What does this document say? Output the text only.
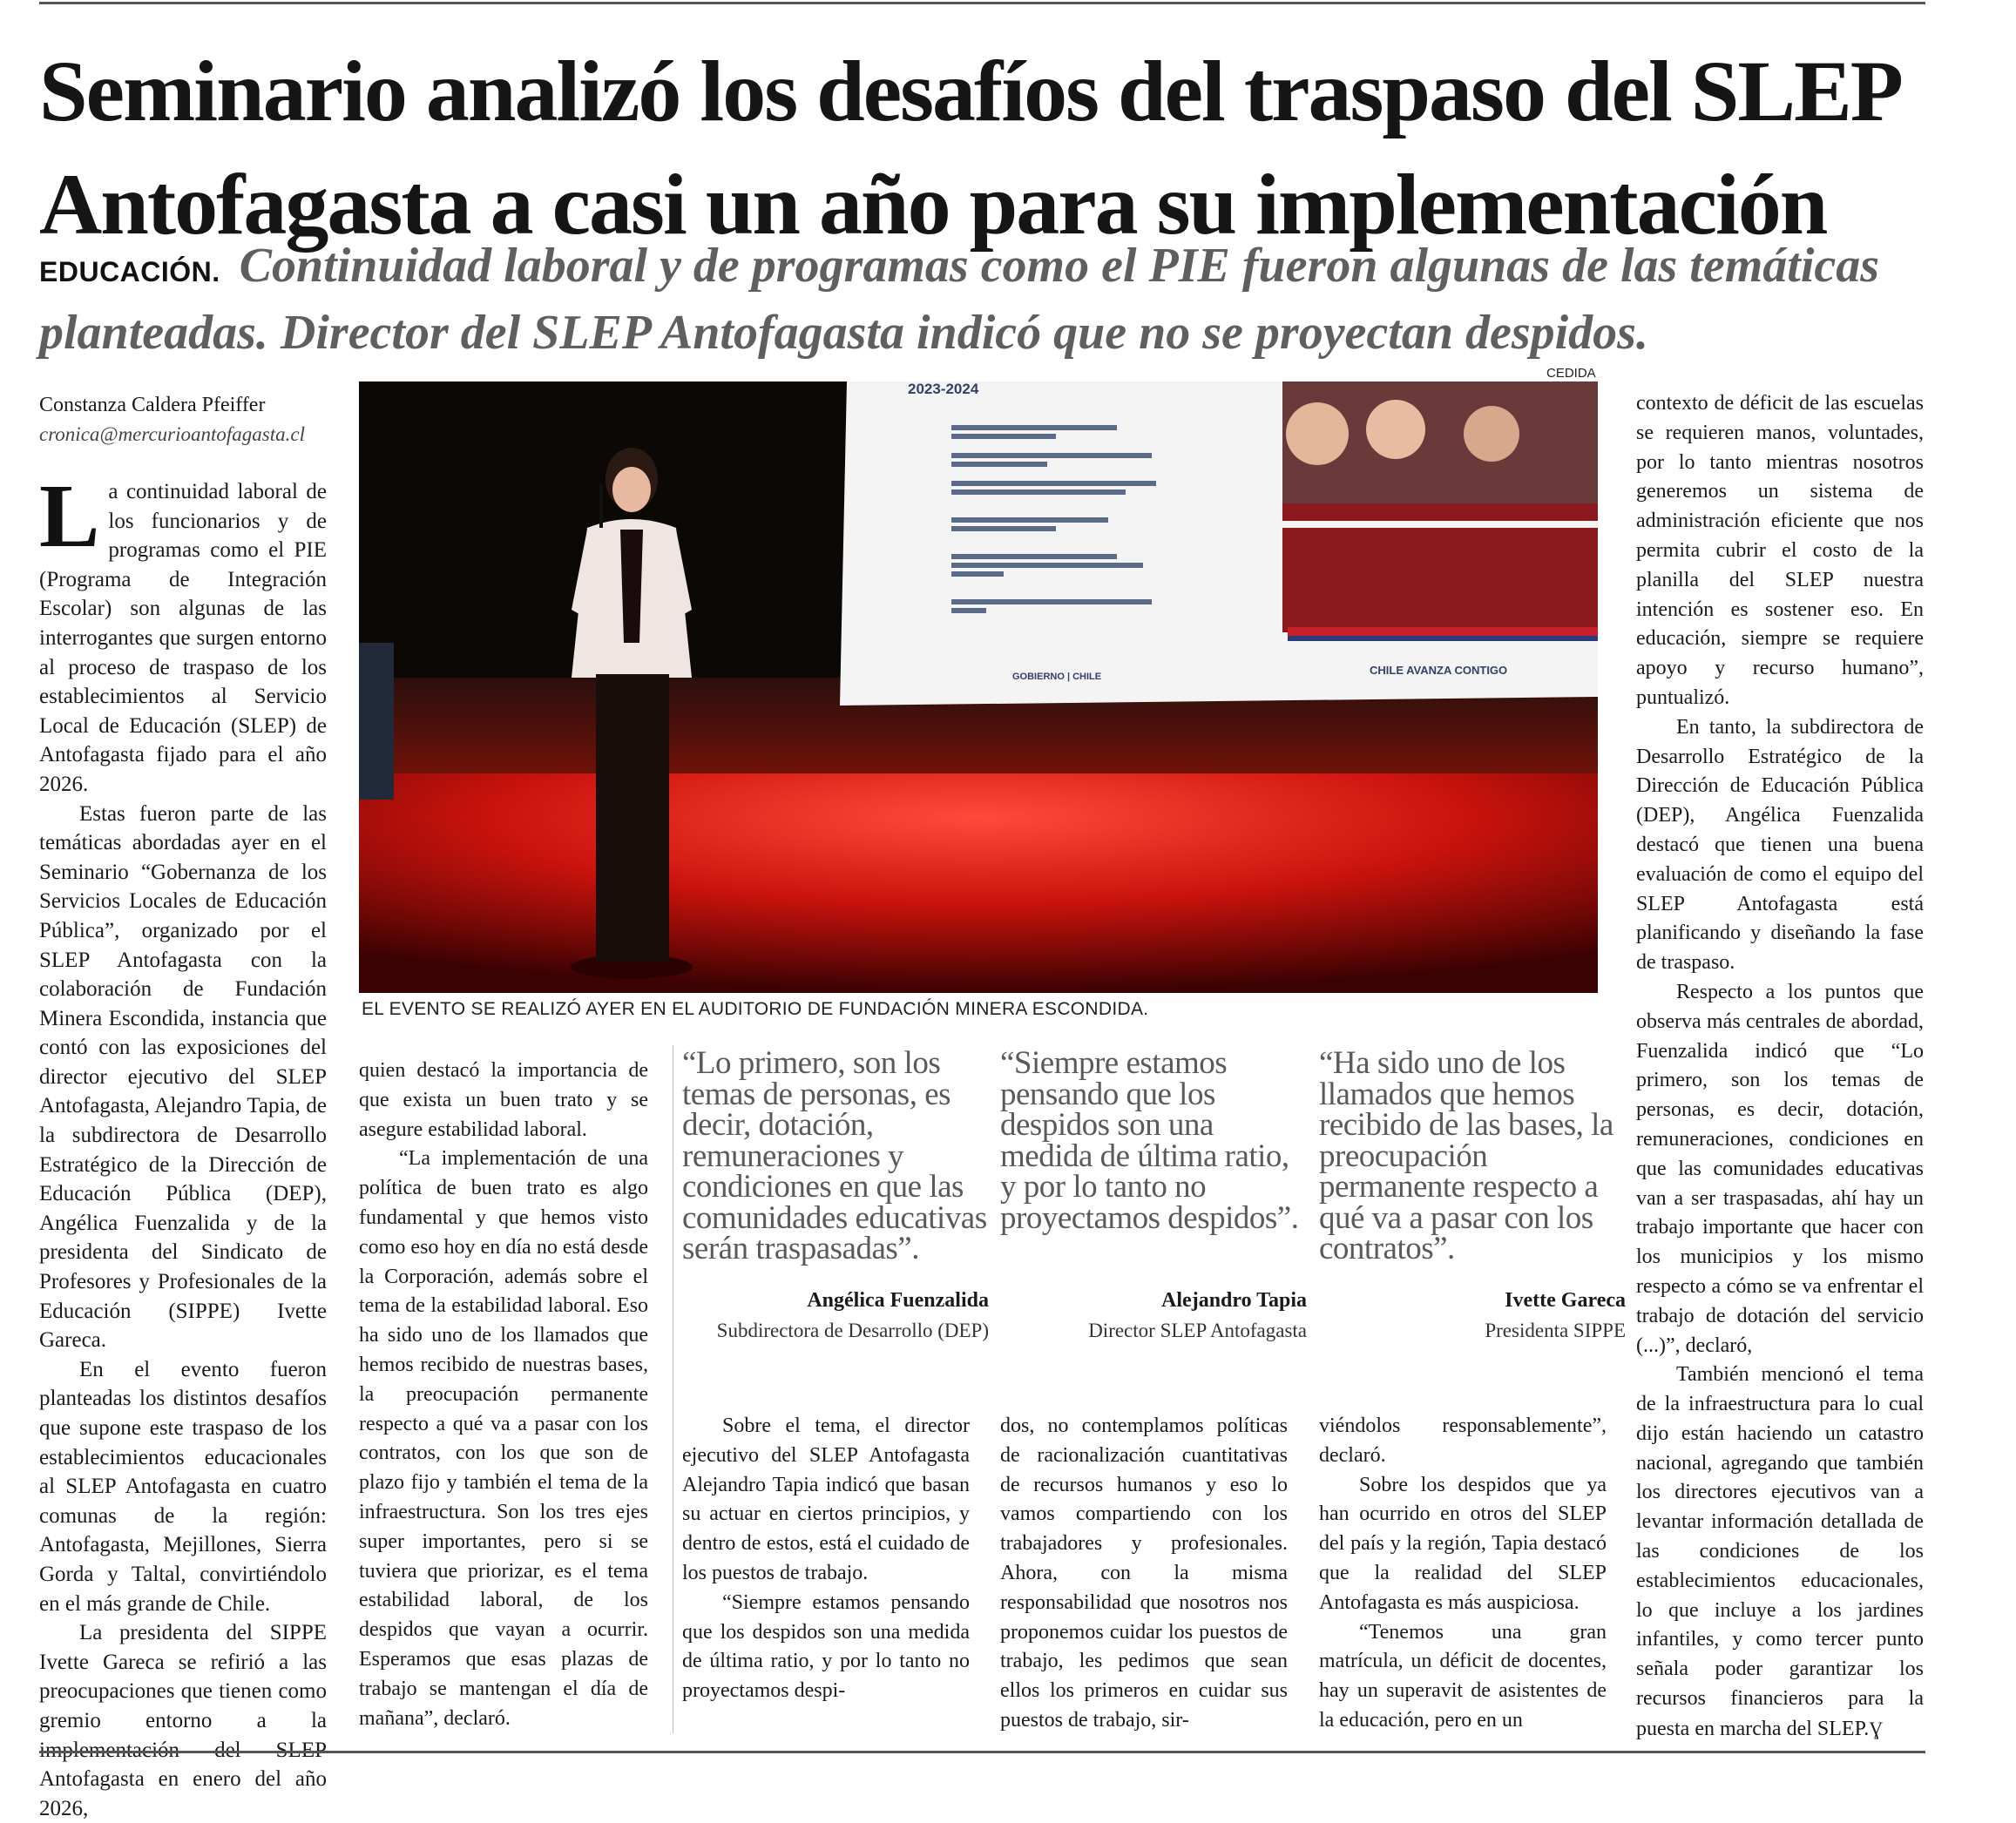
Seminario analizó los desafíos del traspaso del SLEP
Antofagasta a casi un año para su implementación
EDUCACIÓN. Continuidad laboral y de programas como el PIE fueron algunas de las temáticas planteadas. Director del SLEP Antofagasta indicó que no se proyectan despidos.
Constanza Caldera Pfeiffer
cronica@mercurioantofagasta.cl

La continuidad laboral de los funcionarios y de programas como el PIE (Programa de Integración Escolar) son algunas de las interrogantes que surgen entorno al proceso de traspaso de los establecimientos al Servicio Local de Educación (SLEP) de Antofagasta fijado para el año 2026.

Estas fueron parte de las temáticas abordadas ayer en el Seminario “Gobernanza de los Servicios Locales de Educación Pública”, organizado por el SLEP Antofagasta con la colaboración de Fundación Minera Escondida, instancia que contó con las exposiciones del director ejecutivo del SLEP Antofagasta, Alejandro Tapia, de la subdirectora de Desarrollo Estratégico de la Dirección de Educación Pública (DEP), Angélica Fuenzalida y de la presidenta del Sindicato de Profesores y Profesionales de la Educación (SIPPE) Ivette Gareca.

En el evento fueron planteadas los distintos desafíos que supone este traspaso de los establecimientos educacionales al SLEP Antofagasta en cuatro comunas de la región: Antofagasta, Mejillones, Sierra Gorda y Taltal, convirtiéndolo en el más grande de Chile.

La presidenta del SIPPE Ivette Gareca se refirió a las preocupaciones que tienen como gremio entorno a la Antofagasta en enero del año 2026,

CEDIDA
2023-2024
GOBIERNO | CHILE	CHILE AVANZA CONTIGO
EL EVENTO SE REALIZÓ AYER EN EL AUDITORIO DE FUNDACIÓN MINERA ESCONDIDA.

quien destacó la importancia de que exista un buen trato y se asegure estabilidad laboral.

“La implementación de una política de buen trato es algo fundamental y que hemos visto como eso hoy en día no está desde la Corporación, además sobre el tema de la estabilidad laboral. Eso ha sido uno de los llamados que hemos recibido de nuestras bases, la preocupación permanente respecto a qué va a pasar con los contratos, con los que son de plazo fijo y también el tema de la infraestructura. Son los tres ejes super importantes, pero si se tuviera que priorizar, es el tema estabilidad laboral, de los despidos que vayan a ocurrir. Esperamos que esas plazas de trabajo se mantengan el día de mañana”, declaró.

“Lo primero, son los temas de personas, es decir, dotación, remuneraciones y condiciones en que las comunidades educativas serán traspasadas”.

Angélica Fuenzalida
Subdirectora de Desarrollo (DEP)

“Siempre estamos pensando que los despidos son una medida de última ratio, y por lo tanto no proyectamos despidos”.

Alejandro Tapia
Director SLEP Antofagasta

“Ha sido uno de los llamados que hemos recibido de las bases, la preocupación permanente respecto a qué va a pasar con los contratos”.

Ivette Gareca
Presidenta SIPPE

Sobre el tema, el director ejecutivo del SLEP Antofagasta Alejandro Tapia indicó que basan su actuar en ciertos principios, y dentro de estos, está el cuidado de los puestos de trabajo.

“Siempre estamos pensando que los despidos son una medida de última ratio, y por lo tanto no proyectamos despi-

dos, no contemplamos políticas de racionalización cuantitativas de recursos humanos y eso lo vamos compartiendo con los trabajadores y profesionales. Ahora, con la misma responsabilidad que nosotros nos proponemos cuidar los puestos de trabajo, les pedimos que sean ellos los primeros en cuidar sus puestos de trabajo, sir-

viéndolos responsablemente”, declaró.

Sobre los despidos que ya han ocurrido en otros del SLEP del país y la región, Tapia destacó que la realidad del SLEP Antofagasta es más auspiciosa.

“Tenemos una gran matrícula, un déficit de docentes, hay un superavit de asistentes de la educación, pero en un

contexto de déficit de las escuelas se requieren manos, voluntades, por lo tanto mientras nosotros generemos un sistema de administración eficiente que nos permita cubrir el costo de la planilla del SLEP nuestra intención es sostener eso. En educación, siempre se requiere apoyo y recurso humano”, puntualizó.

En tanto, la subdirectora de Desarrollo Estratégico de la Dirección de Educación Pública (DEP), Angélica Fuenzalida destacó que tienen una buena evaluación de como el equipo del SLEP Antofagasta está planificando y diseñando la fase de traspaso.

Respecto a los puntos que observa más centrales de abordad, Fuenzalida indicó que “Lo primero, son los temas de personas, es decir, dotación, remuneraciones, condiciones en que las comunidades educativas van a ser traspasadas, ahí hay un trabajo importante que hacer con los municipios y los mismo respecto a cómo se va enfrentar el trabajo de dotación del servicio (...)”, declaró,

También mencionó el tema de la infraestructura para lo cual dijo están haciendo un catastro nacional, agregando que también los directores ejecutivos van a levantar información detallada de las condiciones de los establecimientos educacionales, lo que incluye a los jardines infantiles, y como tercer punto señala poder garantizar los recursos financieros para la puesta en marcha del SLEP.Ɣ
